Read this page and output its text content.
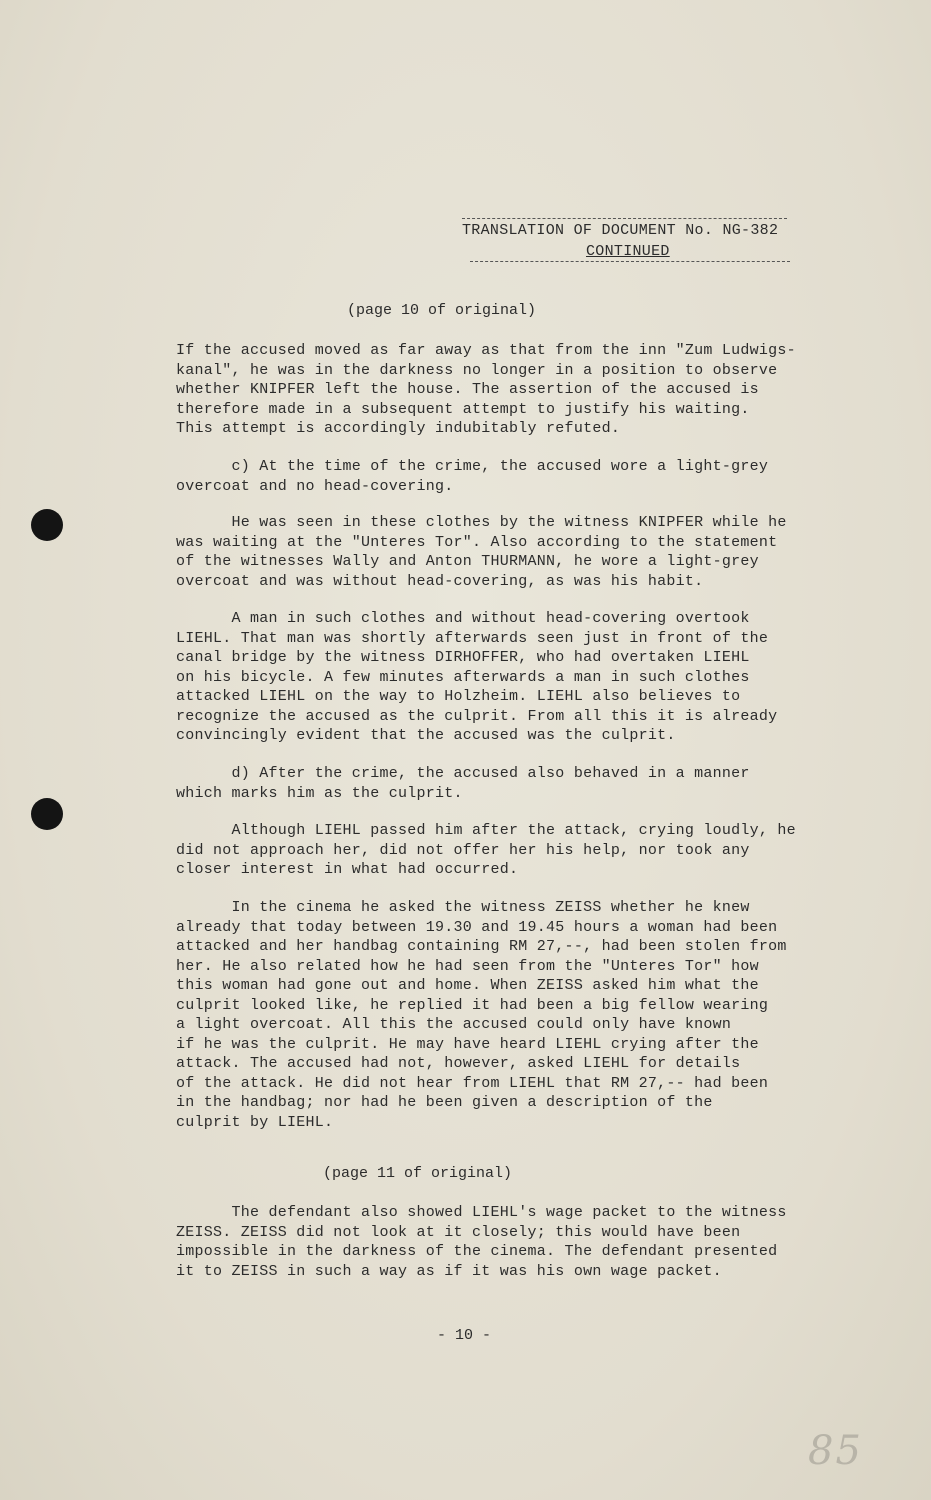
TRANSLATION OF DOCUMENT No. NG-382
CONTINUED
(page 10 of original)

If the accused moved as far away as that from the inn "Zum Ludwigs-

kanal", he was in the darkness no longer in a position to observe

whether KNIPFER left the house. The assertion of the accused is

therefore made in a subsequent attempt to justify his waiting.

This attempt is accordingly indubitably refuted.

c) At the time of the crime, the accused wore a light-grey

overcoat and no head-covering.

He was seen in these clothes by the witness KNIPFER while he

was waiting at the "Unteres Tor". Also according to the statement

of the witnesses Wally and Anton THURMANN, he wore a light-grey

overcoat and was without head-covering, as was his habit.

A man in such clothes and without head-covering overtook

LIEHL. That man was shortly afterwards seen just in front of the

canal bridge by the witness DIRHOFFER, who had overtaken LIEHL

on his bicycle. A few minutes afterwards a man in such clothes

attacked LIEHL on the way to Holzheim. LIEHL also believes to

recognize the accused as the culprit. From all this it is already

convincingly evident that the accused was the culprit.

d) After the crime, the accused also behaved in a manner

which marks him as the culprit.

Although LIEHL passed him after the attack, crying loudly, he

did not approach her, did not offer her his help, nor took any

closer interest in what had occurred.

In the cinema he asked the witness ZEISS whether he knew

already that today between 19.30 and 19.45 hours a woman had been

attacked and her handbag containing RM 27,--, had been stolen from

her. He also related how he had seen from the "Unteres Tor" how

this woman had gone out and home. When ZEISS asked him what the

culprit looked like, he replied it had been a big fellow wearing

a light overcoat. All this the accused could only have known

if he was the culprit. He may have heard LIEHL crying after the

attack. The accused had not, however, asked LIEHL for details

of the attack. He did not hear from LIEHL that RM 27,-- had been

in the handbag; nor had he been given a description of the

culprit by LIEHL.

(page 11 of original)

The defendant also showed LIEHL's wage packet to the witness

ZEISS. ZEISS did not look at it closely; this would have been

impossible in the darkness of the cinema. The defendant presented

it to ZEISS in such a way as if it was his own wage packet.

- 10 -
85
